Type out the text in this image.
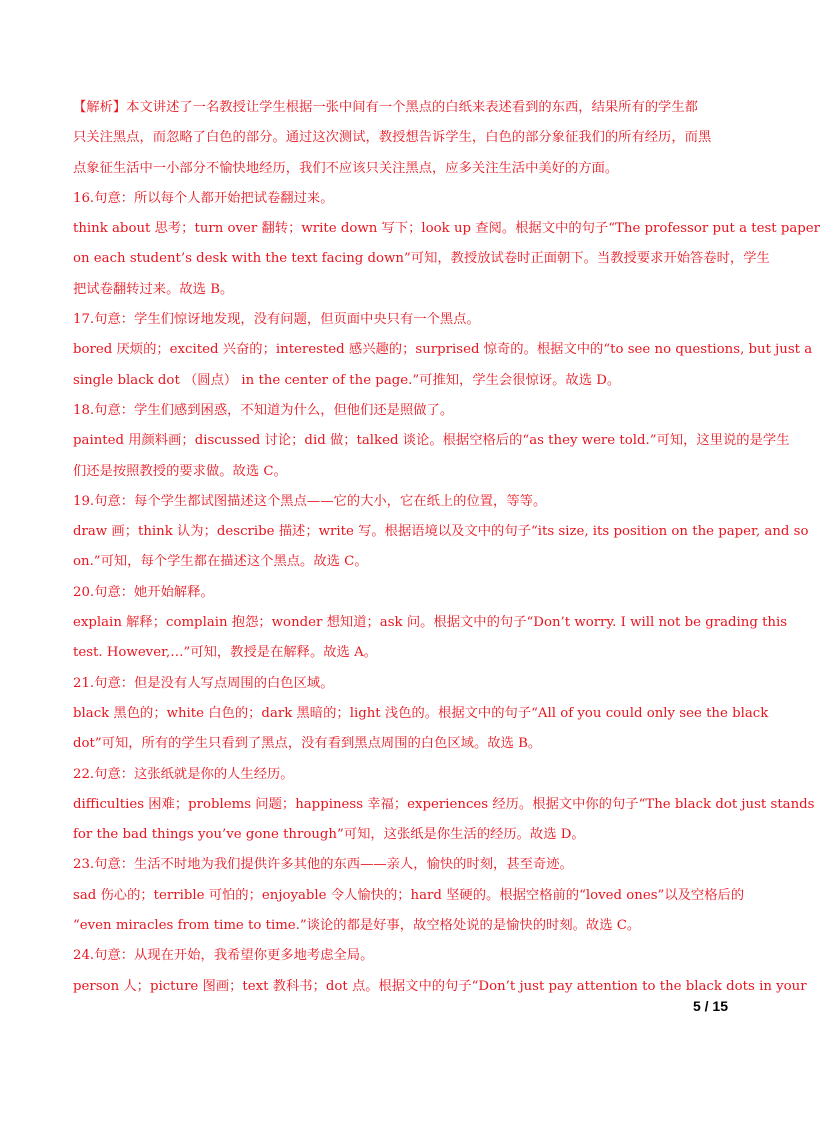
【解析】本文讲述了一名教授让学生根据一张中间有一个黑点的白纸来表述看到的东西，结果所有的学生都
只关注黑点，而忽略了白色的部分。通过这次测试，教授想告诉学生，白色的部分象征我们的所有经历，而黑
点象征生活中一小部分不愉快地经历，我们不应该只关注黑点，应多关注生活中美好的方面。
16.句意：所以每个人都开始把试卷翻过来。
think about 思考；turn over 翻转；write down 写下；look up 查阅。根据文中的句子“The professor put a test paper
on each student’s desk with the text facing down”可知，教授放试卷时正面朝下。当教授要求开始答卷时，学生
把试卷翻转过来。故选 B。
17.句意：学生们惊讶地发现，没有问题，但页面中央只有一个黑点。
bored 厌烦的；excited 兴奋的；interested 感兴趣的；surprised 惊奇的。根据文中的“to see no questions, but just a
single black dot （圆点） in the center of the page.”可推知，学生会很惊讶。故选 D。
18.句意：学生们感到困惑，不知道为什么，但他们还是照做了。
painted 用颜料画；discussed 讨论；did 做；talked 谈论。根据空格后的“as they were told.”可知，这里说的是学生
们还是按照教授的要求做。故选 C。
19.句意：每个学生都试图描述这个黑点——它的大小，它在纸上的位置，等等。
draw 画；think 认为；describe 描述；write 写。根据语境以及文中的句子“its size, its position on the paper, and so
on.”可知，每个学生都在描述这个黑点。故选 C。
20.句意：她开始解释。
explain 解释；complain 抱怨；wonder 想知道；ask 问。根据文中的句子“Don’t worry. I will not be grading this
test. However,…”可知，教授是在解释。故选 A。
21.句意：但是没有人写点周围的白色区域。
black 黑色的；white 白色的；dark 黑暗的；light 浅色的。根据文中的句子“All of you could only see the black
dot”可知，所有的学生只看到了黑点，没有看到黑点周围的白色区域。故选 B。
22.句意：这张纸就是你的人生经历。
difficulties 困难；problems 问题；happiness 幸福；experiences 经历。根据文中你的句子“The black dot just stands
for the bad things you’ve gone through”可知，这张纸是你生活的经历。故选 D。
23.句意：生活不时地为我们提供许多其他的东西——亲人，愉快的时刻，甚至奇迹。
sad 伤心的；terrible 可怕的；enjoyable 令人愉快的；hard 坚硬的。根据空格前的“loved ones”以及空格后的
“even miracles from time to time.”谈论的都是好事，故空格处说的是愉快的时刻。故选 C。
24.句意：从现在开始，我希望你更多地考虑全局。
person 人；picture 图画；text 教科书；dot 点。根据文中的句子“Don’t just pay attention to the black dots in your
5 / 15
